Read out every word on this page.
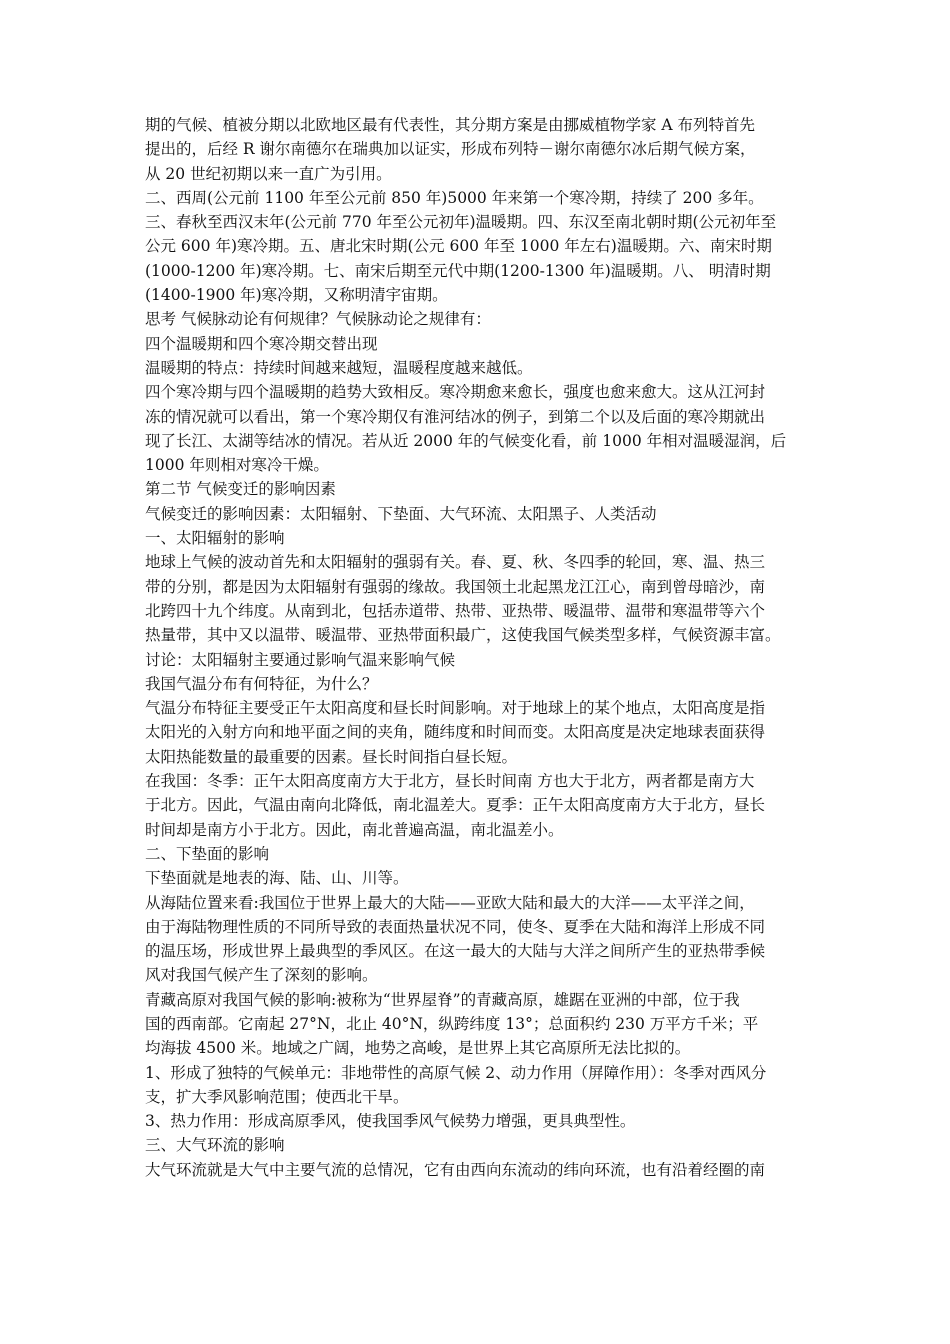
期的气候、植被分期以北欧地区最有代表性，其分期方案是由挪威植物学家 A 布列特首先
提出的，后经 R 谢尔南德尔在瑞典加以证实，形成布列特－谢尔南德尔冰后期气候方案，
从 20 世纪初期以来一直广为引用。
二、西周(公元前 1100 年至公元前 850 年)5000 年来第一个寒冷期，持续了 200 多年。
三、春秋至西汉末年(公元前 770 年至公元初年)温暖期。四、东汉至南北朝时期(公元初年至
公元 600 年)寒冷期。五、唐北宋时期(公元 600 年至 1000 年左右)温暖期。六、南宋时期
(1000-1200 年)寒冷期。七、南宋后期至元代中期(1200-1300 年)温暖期。八、 明清时期
(1400-1900 年)寒冷期，又称明清宇宙期。
思考 气候脉动论有何规律？气候脉动论之规律有：
四个温暖期和四个寒冷期交替出现
温暖期的特点：持续时间越来越短，温暖程度越来越低。
四个寒冷期与四个温暖期的趋势大致相反。寒冷期愈来愈长，强度也愈来愈大。这从江河封
冻的情况就可以看出，第一个寒冷期仅有淮河结冰的例子，到第二个以及后面的寒冷期就出
现了长江、太湖等结冰的情况。若从近 2000 年的气候变化看，前 1000 年相对温暖湿润，后
1000 年则相对寒冷干燥。
第二节 气候变迁的影响因素
气候变迁的影响因素：太阳辐射、下垫面、大气环流、太阳黑子、人类活动
一、太阳辐射的影响
地球上气候的波动首先和太阳辐射的强弱有关。春、夏、秋、冬四季的轮回，寒、温、热三
带的分别，都是因为太阳辐射有强弱的缘故。我国领土北起黑龙江江心，南到曾母暗沙，南
北跨四十九个纬度。从南到北，包括赤道带、热带、亚热带、暖温带、温带和寒温带等六个
热量带，其中又以温带、暖温带、亚热带面积最广，这使我国气候类型多样，气候资源丰富。
讨论：太阳辐射主要通过影响气温来影响气候
我国气温分布有何特征，为什么？
气温分布特征主要受正午太阳高度和昼长时间影响。对于地球上的某个地点，太阳高度是指
太阳光的入射方向和地平面之间的夹角，随纬度和时间而变。太阳高度是决定地球表面获得
太阳热能数量的最重要的因素。昼长时间指白昼长短。
在我国：冬季：正午太阳高度南方大于北方，昼长时间南 方也大于北方，两者都是南方大
于北方。因此，气温由南向北降低，南北温差大。夏季：正午太阳高度南方大于北方，昼长
时间却是南方小于北方。因此，南北普遍高温，南北温差小。
二、下垫面的影响
下垫面就是地表的海、陆、山、川等。
从海陆位置来看:我国位于世界上最大的大陆——亚欧大陆和最大的大洋——太平洋之间，
由于海陆物理性质的不同所导致的表面热量状况不同，使冬、夏季在大陆和海洋上形成不同
的温压场，形成世界上最典型的季风区。在这一最大的大陆与大洋之间所产生的亚热带季候
风对我国气候产生了深刻的影响。
青藏高原对我国气候的影响:被称为“世界屋脊”的青藏高原，雄踞在亚洲的中部，位于我
国的西南部。它南起 27°N，北止 40°N，纵跨纬度 13°；总面积约 230 万平方千米；平
均海拔 4500 米。地域之广阔，地势之高峻，是世界上其它高原所无法比拟的。
1、形成了独特的气候单元：非地带性的高原气候 2、动力作用（屏障作用）：冬季对西风分
支，扩大季风影响范围；使西北干旱。
3、热力作用：形成高原季风，使我国季风气候势力增强，更具典型性。
三、大气环流的影响
大气环流就是大气中主要气流的总情况，它有由西向东流动的纬向环流，也有沿着经圈的南
